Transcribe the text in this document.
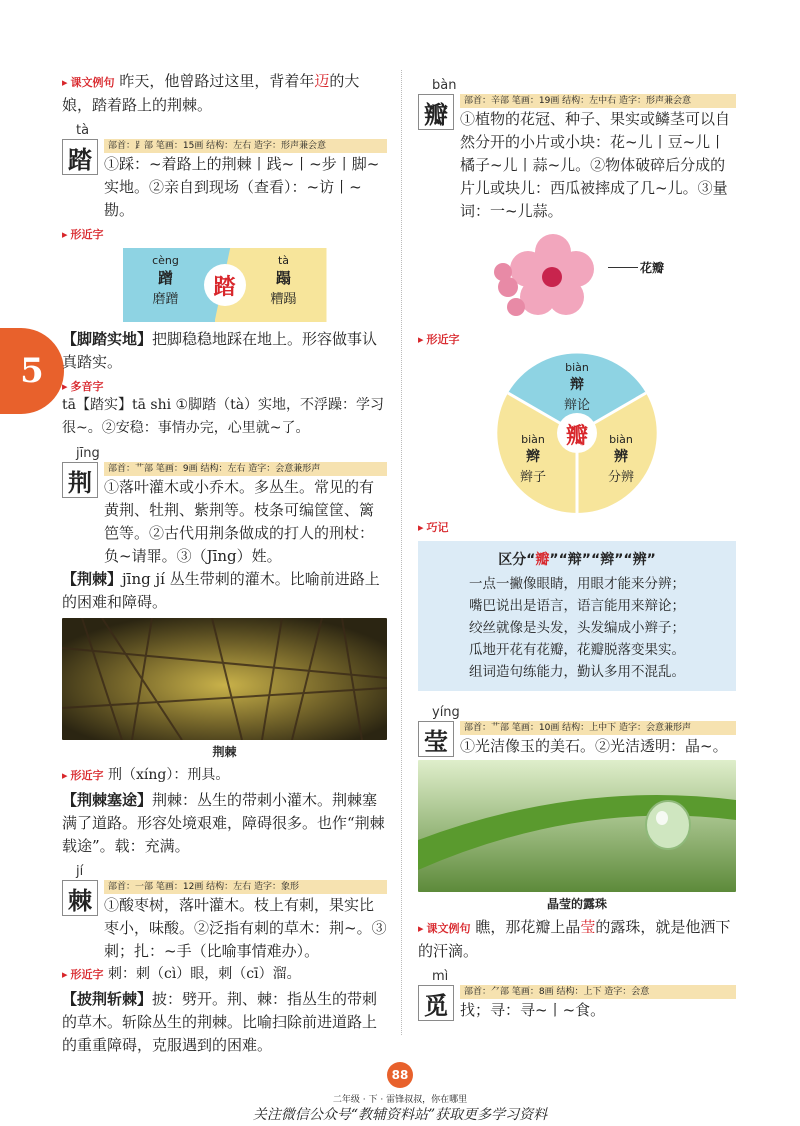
5
▸ 课文例句 昨天，他曾路过这里，背着年迈的大娘，踏着路上的荆棘。
tà
踏	部首：⻊部 笔画：15画 结构：左右 造字：形声兼会意
①踩：~着路上的荆棘丨践~丨~步丨脚~实地。②亲自到现场（查看）：~访丨~勘。
▸ 形近字
cèng
蹭
磨蹭
tà
蹋
糟蹋
踏
【脚踏实地】把脚稳稳地踩在地上。形容做事认真踏实。
▸ 多音字
tā【踏实】tā shi ①脚踏（tà）实地，不浮躁：学习很~。②安稳：事情办完，心里就~了。
jīng
荆	部首：艹部 笔画：9画 结构：左右 造字：会意兼形声
①落叶灌木或小乔木。多丛生。常见的有黄荆、牡荆、紫荆等。枝条可编筐筐、篱笆等。②古代用荆条做成的打人的刑杖：负~请罪。③（Jīng）姓。
【荆棘】jīng jí 丛生带刺的灌木。比喻前进路上的困难和障碍。
荆棘
▸ 形近字 刑（xíng）：刑具。
【荆棘塞途】荆棘：丛生的带刺小灌木。荆棘塞满了道路。形容处境艰难，障碍很多。也作“荆棘载途”。载：充满。
jí
棘	部首：一部 笔画：12画 结构：左右 造字：象形
①酸枣树，落叶灌木。枝上有刺，果实比枣小，味酸。②泛指有刺的草木：荆~。③刺；扎：~手（比喻事情难办）。
▸ 形近字 刺：刺（cì）眼，刺（cī）溜。
【披荆斩棘】披：劈开。荆、棘：指丛生的带刺的草木。斩除丛生的荆棘。比喻扫除前进道路上的重重障碍，克服遇到的困难。
bàn
瓣	部首：辛部 笔画：19画 结构：左中右 造字：形声兼会意
①植物的花冠、种子、果实或鳞茎可以自然分开的小片或小块：花~儿丨豆~儿丨橘子~儿丨蒜~儿。②物体破碎后分成的片儿或块儿：西瓜被摔成了几~儿。③量词：一~儿蒜。
花瓣
▸ 形近字
biàn
辩
辩论
biàn
辫
辫子
biàn
辨
分辨
瓣
▸ 巧记
区分“瓣”“辩”“辫”“辨”
一点一撇像眼睛，用眼才能来分辨；
嘴巴说出是语言，语言能用来辩论；
绞丝就像是头发，头发编成小辫子；
瓜地开花有花瓣，花瓣脱落变果实。
组词造句练能力，勤认多用不混乱。
yíng
莹	部首：艹部 笔画：10画 结构：上中下 造字：会意兼形声
①光洁像玉的美石。②光洁透明：晶~。
晶莹的露珠
▸ 课文例句 瞧，那花瓣上晶莹的露珠，就是他洒下的汗滴。
mì
觅	部首：⺈部 笔画：8画 结构：上下 造字：会意
找；寻：寻~丨~食。
88
二年级 · 下 · 雷锋叔叔，你在哪里
关注微信公众号“教辅资料站”获取更多学习资料
